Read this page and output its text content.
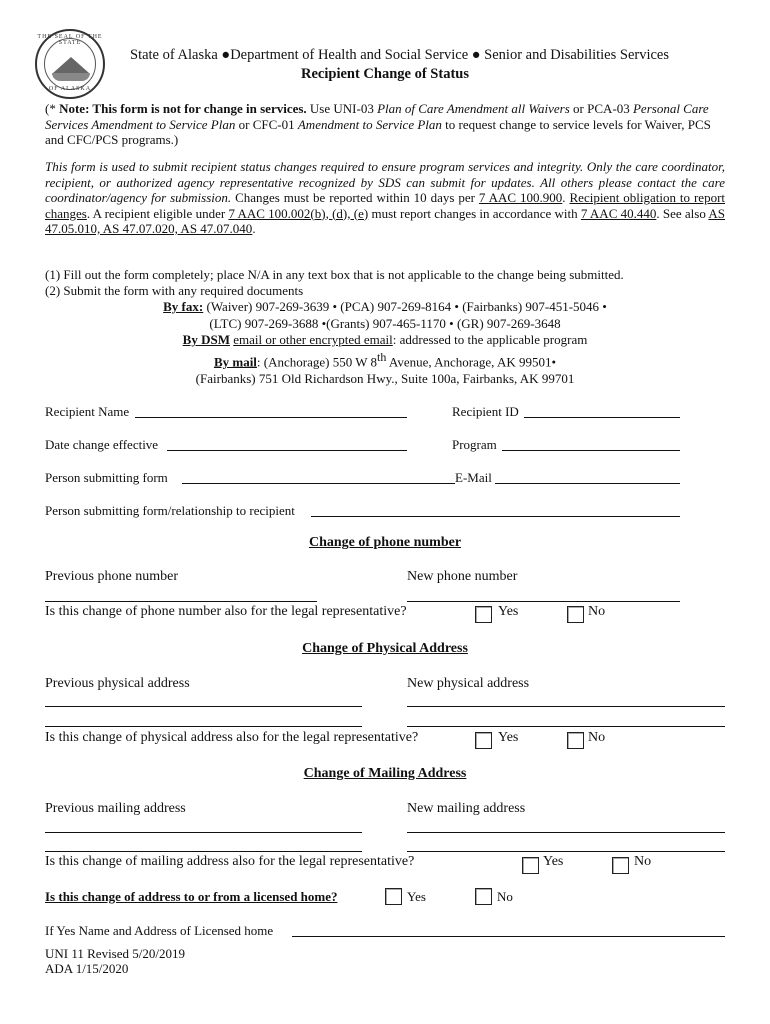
THE SEAL OF THE STATE
OF ALASKA
State of Alaska ●Department of Health and Social Service ● Senior and Disabilities Services
Recipient Change of Status
(* Note: This form is not for change in services. Use UNI-03 Plan of Care Amendment all Waivers or PCA-03 Personal Care Services Amendment to Service Plan or CFC-01 Amendment to Service Plan to request change to service levels for Waiver, PCS and CFC/PCS programs.)
This form is used to submit recipient status changes required to ensure program services and integrity. Only the care coordinator, recipient, or authorized agency representative recognized by SDS can submit for updates. All others please contact the care coordinator/agency for submission. Changes must be reported within 10 days per 7 AAC 100.900. Recipient obligation to report changes. A recipient eligible under 7 AAC 100.002(b), (d), (e) must report changes in accordance with 7 AAC 40.440. See also AS 47.05.010, AS 47.07.020, AS 47.07.040.
(1) Fill out the form completely; place N/A in any text box that is not applicable to the change being submitted.
(2) Submit the form with any required documents
By fax: (Waiver) 907-269-3639 • (PCA) 907-269-8164 • (Fairbanks) 907-451-5046 •
(LTC) 907-269-3688 •(Grants) 907-465-1170 • (GR) 907-269-3648
By DSM email or other encrypted email: addressed to the applicable program
By mail: (Anchorage) 550 W 8th Avenue, Anchorage, AK 99501•
(Fairbanks) 751 Old Richardson Hwy., Suite 100a, Fairbanks, AK 99701
Recipient Name	Recipient ID
Date change effective	Program
Person submitting form	E-Mail
Person submitting form/relationship to recipient
Change of phone number
Previous phone number	New phone number
Is this change of phone number also for the legal representative?	Yes	No
Change of Physical Address
Previous physical address	New physical address
Is this change of physical address also for the legal representative?	Yes	No
Change of Mailing Address
Previous mailing address	New mailing address
Is this change of mailing address also for the legal representative?	Yes	No
Is this change of address to or from a licensed home?	Yes	No
If Yes Name and Address of Licensed home
UNI 11 Revised 5/20/2019
ADA 1/15/2020
